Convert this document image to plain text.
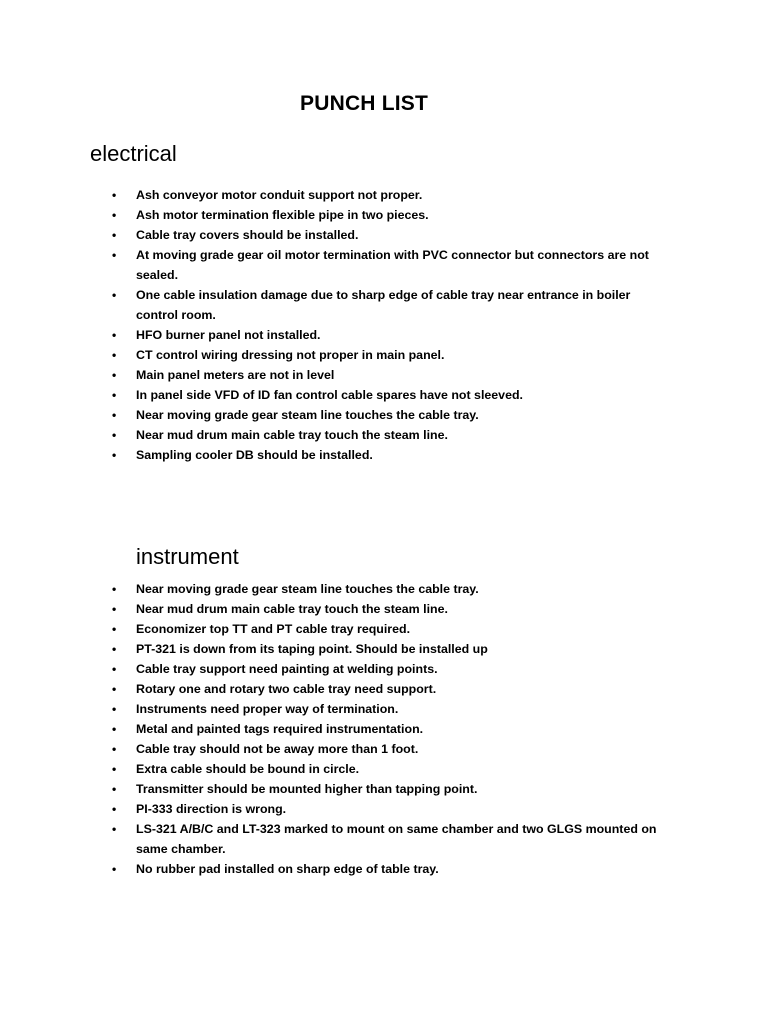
PUNCH LIST
electrical
•	Ash conveyor motor conduit support not proper.
•	Ash motor termination flexible pipe in two pieces.
•	Cable tray covers should be installed.
•	At moving grade gear oil motor termination with PVC connector but connectors are not sealed.
•	One cable insulation damage due to sharp edge of cable tray near entrance in boiler control room.
•	HFO burner panel not installed.
•	CT control wiring dressing not proper in main panel.
•	Main panel meters are not in level
•	In panel side VFD of ID fan control cable spares have not sleeved.
•	Near moving grade gear steam line touches the cable tray.
•	Near mud drum main cable tray touch the steam line.
•	Sampling cooler DB should be installed.
instrument
•	Near moving grade gear steam line touches the cable tray.
•	Near mud drum main cable tray touch the steam line.
•	Economizer top TT and PT cable tray required.
•	PT-321 is down from its taping point. Should be installed up
•	Cable tray support need painting at welding points.
•	Rotary one and rotary two cable tray need support.
•	Instruments need proper way of termination.
•	Metal and painted tags required instrumentation.
•	Cable tray should not be away more than 1 foot.
•	Extra cable should be bound in circle.
•	Transmitter should be mounted higher than tapping point.
•	PI-333 direction is wrong.
•	LS-321 A/B/C and LT-323 marked to mount on same chamber and two GLGS mounted on same chamber.
•	No rubber pad installed on sharp edge of table tray.
